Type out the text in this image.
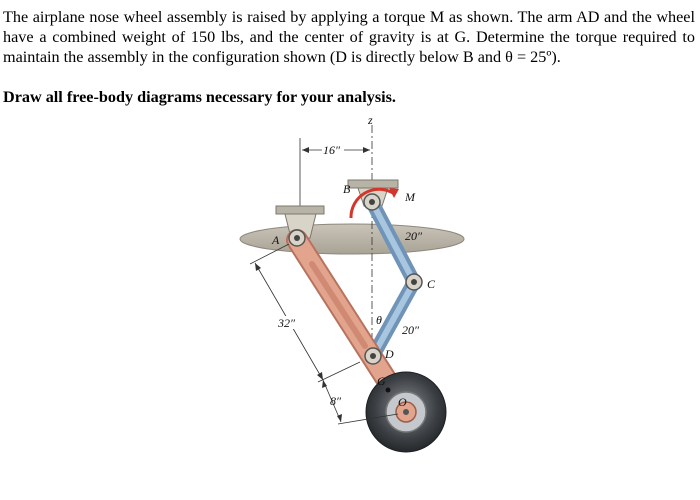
The airplane nose wheel assembly is raised by applying a torque M as shown. The arm AD and the wheel have a combined weight of 150 lbs, and the center of gravity is at G. Determine the torque required to maintain the assembly in the configuration shown (D is directly below B and θ = 25º).

Draw all free-body diagrams necessary for your analysis.
z
16″
A
B
M
C
D
G
O
20″
20″
θ
32″
8″
